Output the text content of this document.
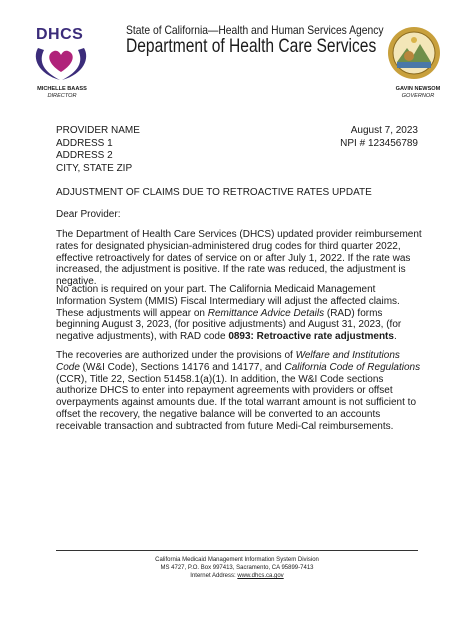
DHCS
MICHELLE BAASS
DIRECTOR
State of California—Health and Human Services Agency
Department of Health Care Services
GAVIN NEWSOM
GOVERNOR
PROVIDER NAME
ADDRESS 1
ADDRESS 2
CITY, STATE ZIP
August 7, 2023
NPI # 123456789
ADJUSTMENT OF CLAIMS DUE TO RETROACTIVE RATES UPDATE
Dear Provider:
The Department of Health Care Services (DHCS) updated provider reimbursement rates for designated physician-administered drug codes for third quarter 2022, effective retroactively for dates of service on or after July 1, 2022. If the rate was increased, the adjustment is positive. If the rate was reduced, the adjustment is negative.
No action is required on your part. The California Medicaid Management Information System (MMIS) Fiscal Intermediary will adjust the affected claims. These adjustments will appear on Remittance Advice Details (RAD) forms beginning August 3, 2023, (for positive adjustments) and August 31, 2023, (for negative adjustments), with RAD code 0893: Retroactive rate adjustments.
The recoveries are authorized under the provisions of Welfare and Institutions Code (W&I Code), Sections 14176 and 14177, and California Code of Regulations (CCR), Title 22, Section 51458.1(a)(1). In addition, the W&I Code sections authorize DHCS to enter into repayment agreements with providers or offset overpayments against amounts due. If the total warrant amount is not sufficient to offset the recovery, the negative balance will be converted to an accounts receivable transaction and subtracted from future Medi-Cal reimbursements.
California Medicaid Management Information System Division
MS 4727, P.O. Box 997413, Sacramento, CA 95899-7413
Internet Address: www.dhcs.ca.gov
